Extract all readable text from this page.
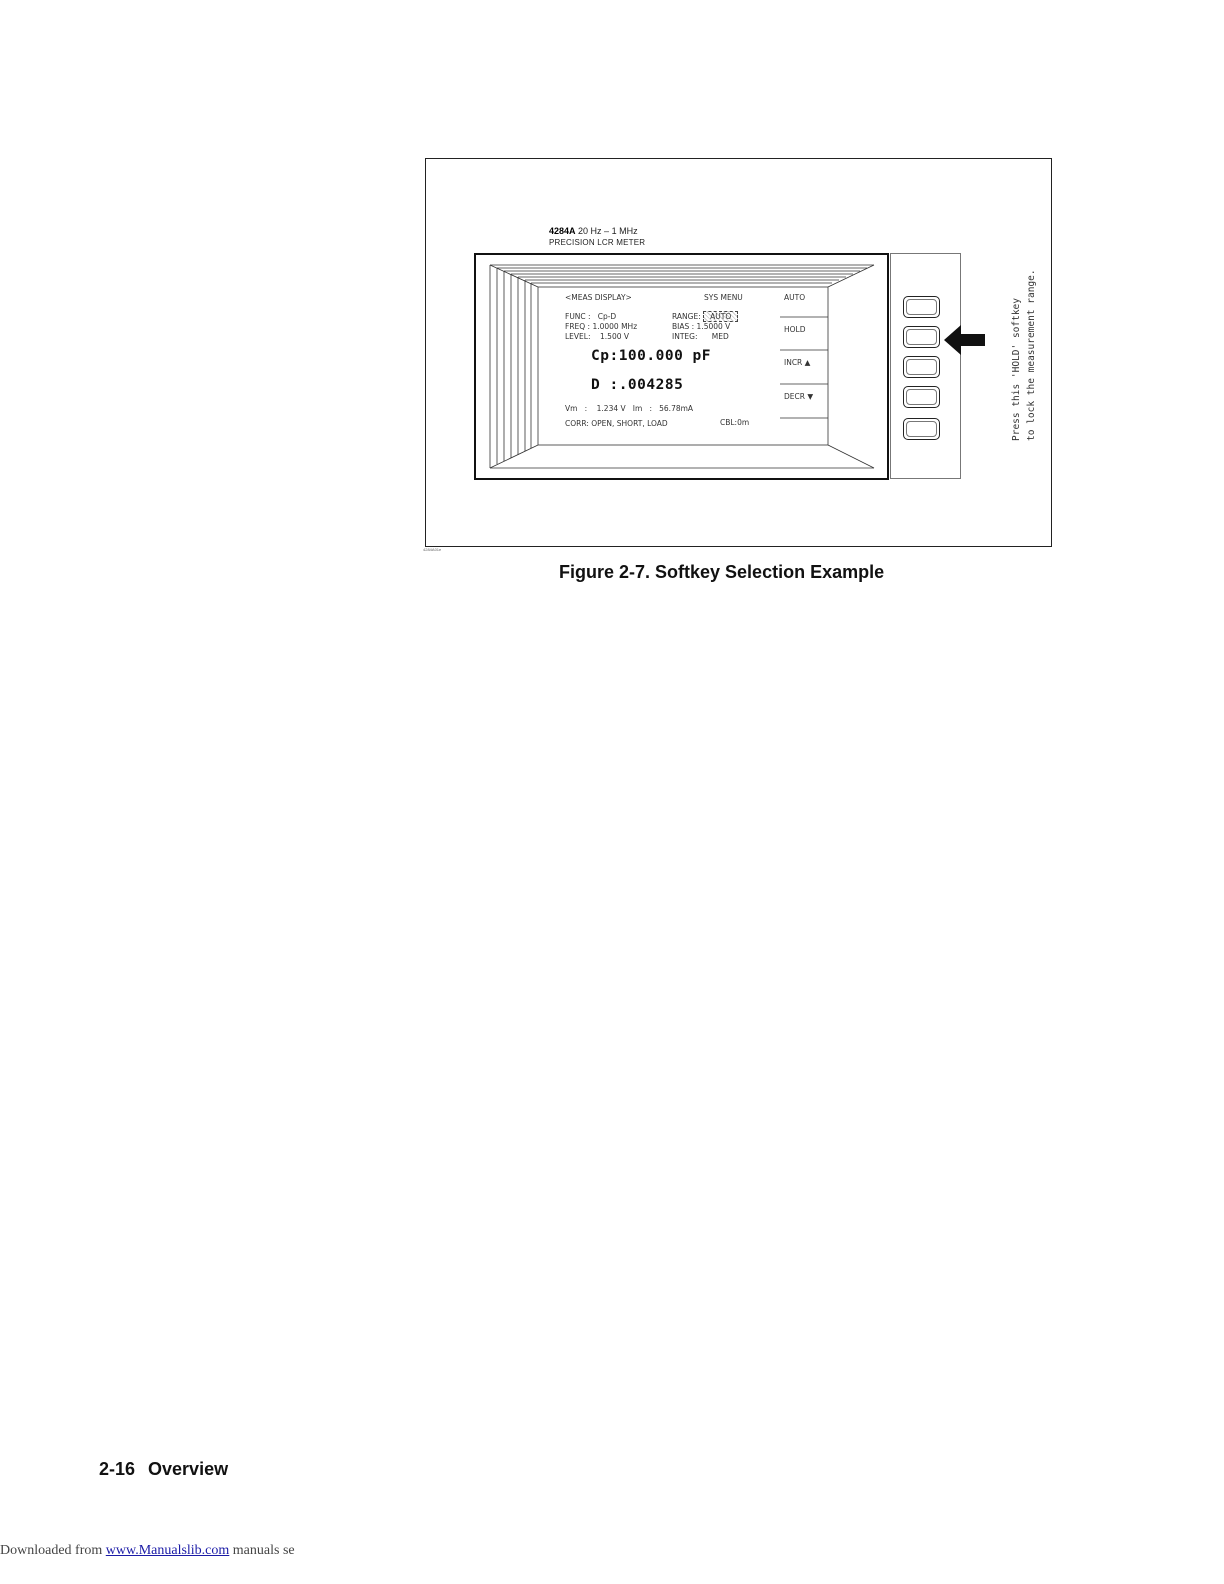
4284A01e
4284A 20 Hz – 1 MHz
PRECISION LCR METER
<MEAS DISPLAY>	SYS MENU
FUNC :   Cp-D
FREQ : 1.0000 MHz
LEVEL:    1.500 V
RANGE: AUTO
BIAS : 1.5000 V
INTEG:      MED
Cp:100.000 pF
D :.004285
Vm   :    1.234 V   Im   :   56.78mA
CORR: OPEN, SHORT, LOAD	CBL:0m
AUTO
HOLD
INCR ▲
DECR ▼	Press this 'HOLD' softkey to lock the measurement range.
Figure 2-7. Softkey Selection Example
2-16 Overview
Downloaded from www.Manualslib.com manuals se
